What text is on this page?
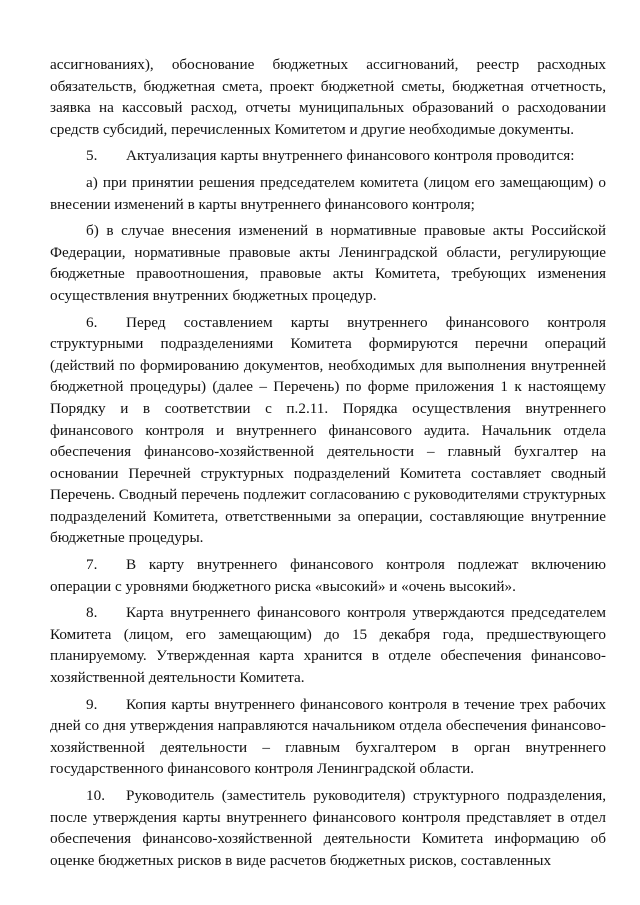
ассигнованиях), обоснование бюджетных ассигнований, реестр расходных обязательств, бюджетная смета, проект бюджетной сметы, бюджетная отчетность, заявка на кассовый расход, отчеты муниципальных образований о расходовании средств субсидий, перечисленных Комитетом и другие необходимые документы.

5. Актуализация карты внутреннего финансового контроля проводится:

а) при принятии решения председателем комитета (лицом его замещающим) о внесении изменений в карты внутреннего финансового контроля;

б) в случае внесения изменений в нормативные правовые акты Российской Федерации, нормативные правовые акты Ленинградской области, регулирующие бюджетные правоотношения, правовые акты Комитета, требующих изменения осуществления внутренних бюджетных процедур.

6. Перед составлением карты внутреннего финансового контроля структурными подразделениями Комитета формируются перечни операций (действий по формированию документов, необходимых для выполнения внутренней бюджетной процедуры) (далее – Перечень) по форме приложения 1 к настоящему Порядку и в соответствии с п.2.11. Порядка осуществления внутреннего финансового контроля и внутреннего финансового аудита. Начальник отдела обеспечения финансово-хозяйственной деятельности – главный бухгалтер на основании Перечней структурных подразделений Комитета составляет сводный Перечень. Сводный перечень подлежит согласованию с руководителями структурных подразделений Комитета, ответственными за операции, составляющие внутренние бюджетные процедуры.

7. В карту внутреннего финансового контроля подлежат включению операции с уровнями бюджетного риска «высокий» и «очень высокий».

8. Карта внутреннего финансового контроля утверждаются председателем Комитета (лицом, его замещающим) до 15 декабря года, предшествующего планируемому. Утвержденная карта хранится в отделе обеспечения финансово-хозяйственной деятельности Комитета.

9. Копия карты внутреннего финансового контроля в течение трех рабочих дней со дня утверждения направляются начальником отдела обеспечения финансово-хозяйственной деятельности – главным бухгалтером в орган внутреннего государственного финансового контроля Ленинградской области.

10. Руководитель (заместитель руководителя) структурного подразделения, после утверждения карты внутреннего финансового контроля представляет в отдел обеспечения финансово-хозяйственной деятельности Комитета информацию об оценке бюджетных рисков в виде расчетов бюджетных рисков, составленных
